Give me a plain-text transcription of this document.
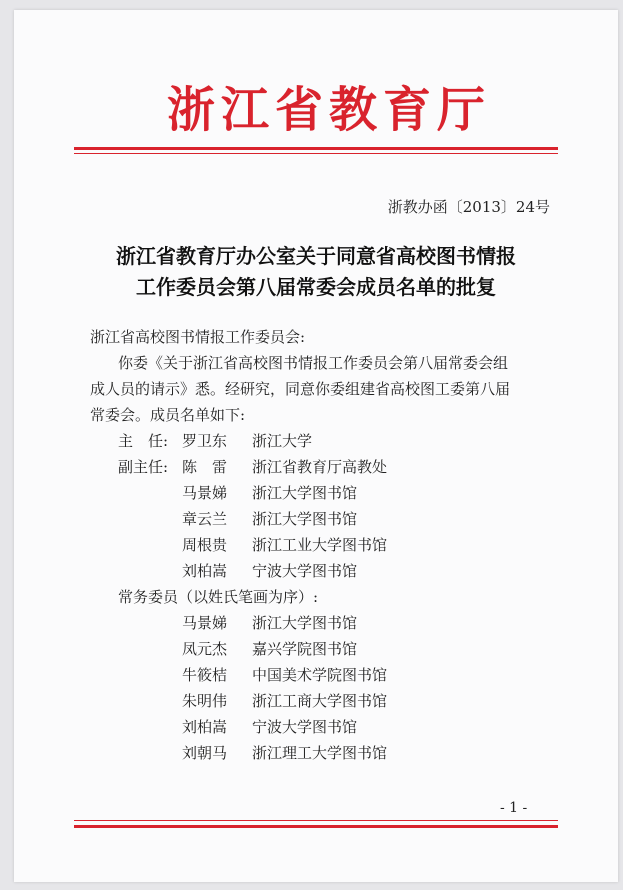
浙江省教育厅
浙教办函〔2013〕24号
浙江省教育厅办公室关于同意省高校图书情报
工作委员会第八届常委会成员名单的批复
浙江省高校图书情报工作委员会:
你委《关于浙江省高校图书情报工作委员会第八届常委会组
成人员的请示》悉。经研究，同意你委组建省高校图工委第八届
常委会。成员名单如下:
主　任: 罗卫东 浙江大学
副主任: 陈　雷 浙江省教育厅高教处
马景娣 浙江大学图书馆
章云兰 浙江大学图书馆
周根贵 浙江工业大学图书馆
刘柏嵩 宁波大学图书馆
常务委员（以姓氏笔画为序）:
马景娣 浙江大学图书馆
凤元杰 嘉兴学院图书馆
牛筱桔 中国美术学院图书馆
朱明伟 浙江工商大学图书馆
刘柏嵩 宁波大学图书馆
刘朝马 浙江理工大学图书馆
- 1 -
